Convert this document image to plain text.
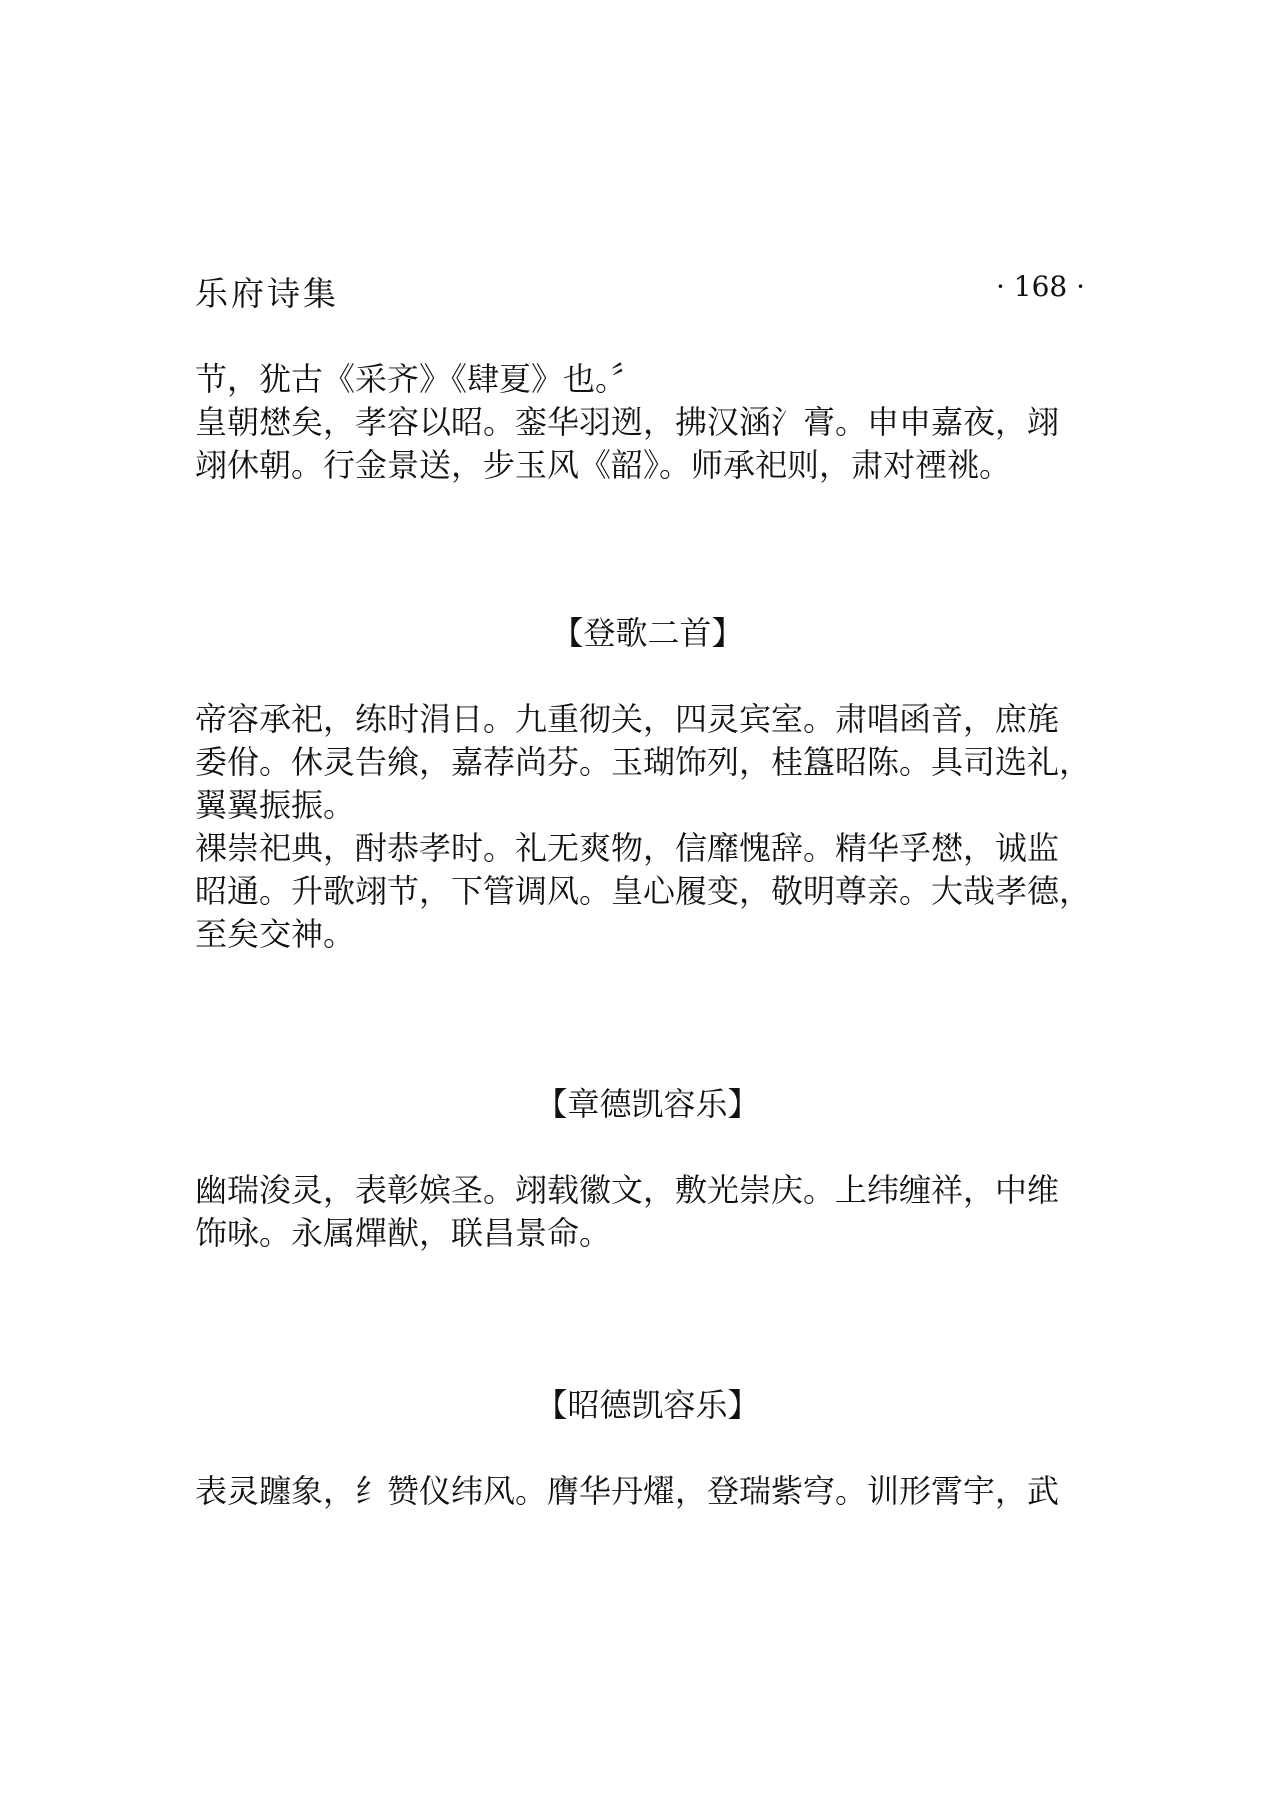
乐府诗集	· 168 ·

节，犹古《采齐》《肆夏》也。〞
皇朝𢡟矣，孝容以昭。銮华羽迾，拂汉涵氵膏。申申嘉夜，翊
翊休朝。行金景送，步玉风《韶》。师承祀则，肃对禋祧。

【登歌二首】

帝容承祀，练时涓日。九重彻关，四灵宾室。肃唱函音，庶旄
委佾。休灵告飨，嘉荐尚芬。玉瑚饰列，桂簋昭陈。具司选礼，
翼翼振振。

裸崇祀典，酎恭孝时。礼无爽物，信靡愧辞。精华孚𢡟，诚监
昭通。升歌翊节，下管调风。皇心履变，敬明尊亲。大哉孝德，
至矣交神。

【章德凯容乐】

幽瑞浚灵，表彰嫔圣。翊载徽文，敷光崇庆。上纬缠祥，中维
饰咏。永属燀猷，联昌景命。

【昭德凯容乐】

表灵躔象，纟赞仪纬风。膺华丹燿，登瑞紫穹。训形霄宇，武
